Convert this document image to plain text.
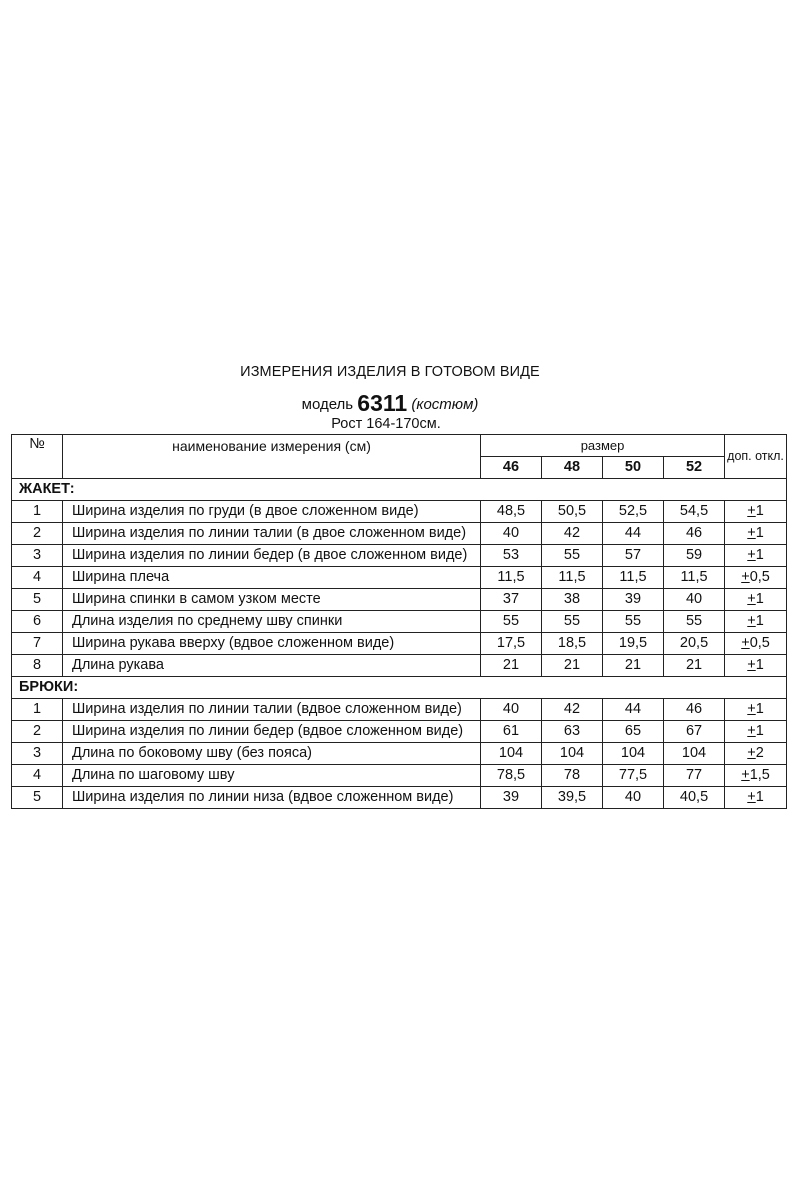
ИЗМЕРЕНИЯ ИЗДЕЛИЯ В ГОТОВОМ ВИДЕ
модель 6311 (костюм)
Рост 164-170см.
№	наименование измерения (см)	размер				доп. откл.
		46	48	50	52	
ЖАКЕТ:						
1	Ширина изделия по груди (в двое сложенном виде)	48,5	50,5	52,5	54,5	+1
2	Ширина изделия по линии талии (в двое сложенном виде)	40	42	44	46	+1
3	Ширина изделия по линии бедер (в двое сложенном виде)	53	55	57	59	+1
4	Ширина плеча	11,5	11,5	11,5	11,5	+0,5
5	Ширина спинки в самом узком месте	37	38	39	40	+1
6	Длина изделия по среднему шву спинки	55	55	55	55	+1
7	Ширина рукава вверху (вдвое сложенном виде)	17,5	18,5	19,5	20,5	+0,5
8	Длина рукава	21	21	21	21	+1
БРЮКИ:						
1	Ширина изделия по линии талии (вдвое сложенном виде)	40	42	44	46	+1
2	Ширина изделия по линии бедер (вдвое сложенном виде)	61	63	65	67	+1
3	Длина по боковому шву (без пояса)	104	104	104	104	+2
4	Длина по шаговому шву	78,5	78	77,5	77	+1,5
5	Ширина изделия по линии низа (вдвое сложенном виде)	39	39,5	40	40,5	+1
